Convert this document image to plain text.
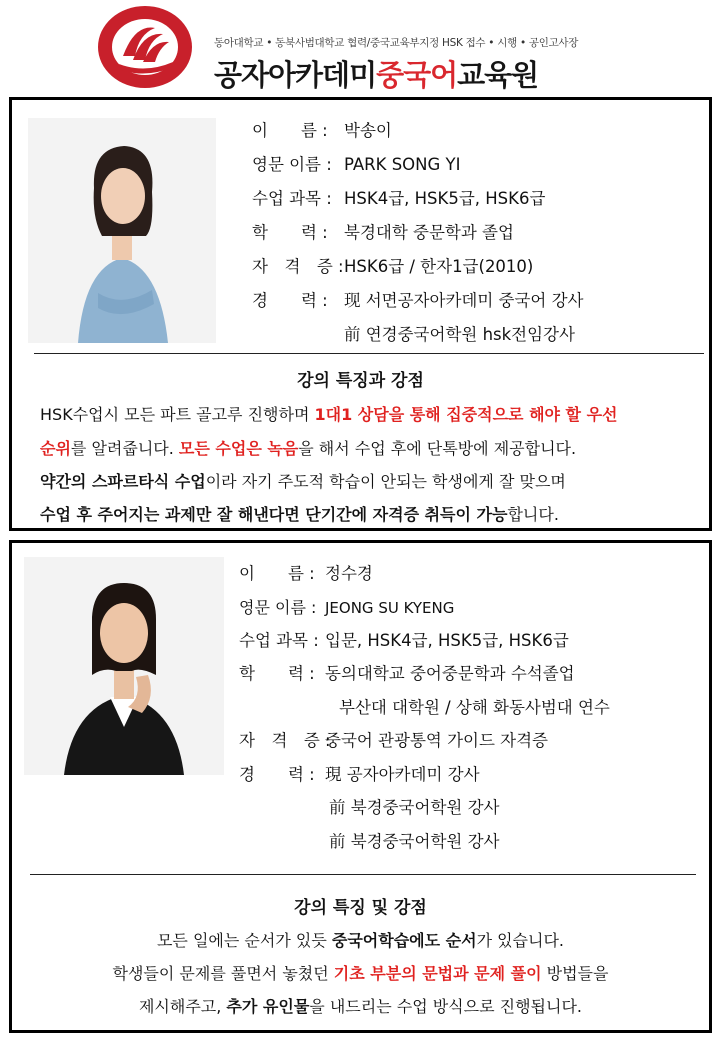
동아대학교 • 동북사범대학교 협력/중국교육부지정 HSK 접수 • 시행 • 공인고사장
공자아카데미중국어교육원
이　　름 : 박송이
영문 이름 : PARK SONG YI
수업 과목 : HSK4급, HSK5급, HSK6급
학　　력 : 북경대학 중문학과 졸업
자　격　증 :HSK6급 / 한자1급(2010)
경　　력 : 现 서면공자아카데미 중국어 강사
前 연경중국어학원 hsk전임강사
강의 특징과 강점
HSK수업시 모든 파트 골고루 진행하며 1대1 상담을 통해 집중적으로 해야 할 우선
순위를 알려줍니다. 모든 수업은 녹음을 해서 수업 후에 단톡방에 제공합니다.
약간의 스파르타식 수업이라 자기 주도적 학습이 안되는 학생에게 잘 맞으며
수업 후 주어지는 과제만 잘 해낸다면 단기간에 자격증 취득이 가능합니다.
이　　름 : 정수경
영문 이름 : JEONG SU KYENG
수업 과목 : 입문, HSK4급, HSK5급, HSK6급
학　　력 : 동의대학교 중어중문학과 수석졸업
부산대 대학원 / 상해 화동사범대 연수
자　격　증 :중국어 관광통역 가이드 자격증
경　　력 : 現 공자아카데미 강사
前 북경중국어학원 강사
前 북경중국어학원 강사
강의 특징 및 강점
모든 일에는 순서가 있듯 중국어학습에도 순서가 있습니다.
학생들이 문제를 풀면서 놓쳤던 기초 부분의 문법과 문제 풀이 방법들을
제시해주고, 추가 유인물을 내드리는 수업 방식으로 진행됩니다.
